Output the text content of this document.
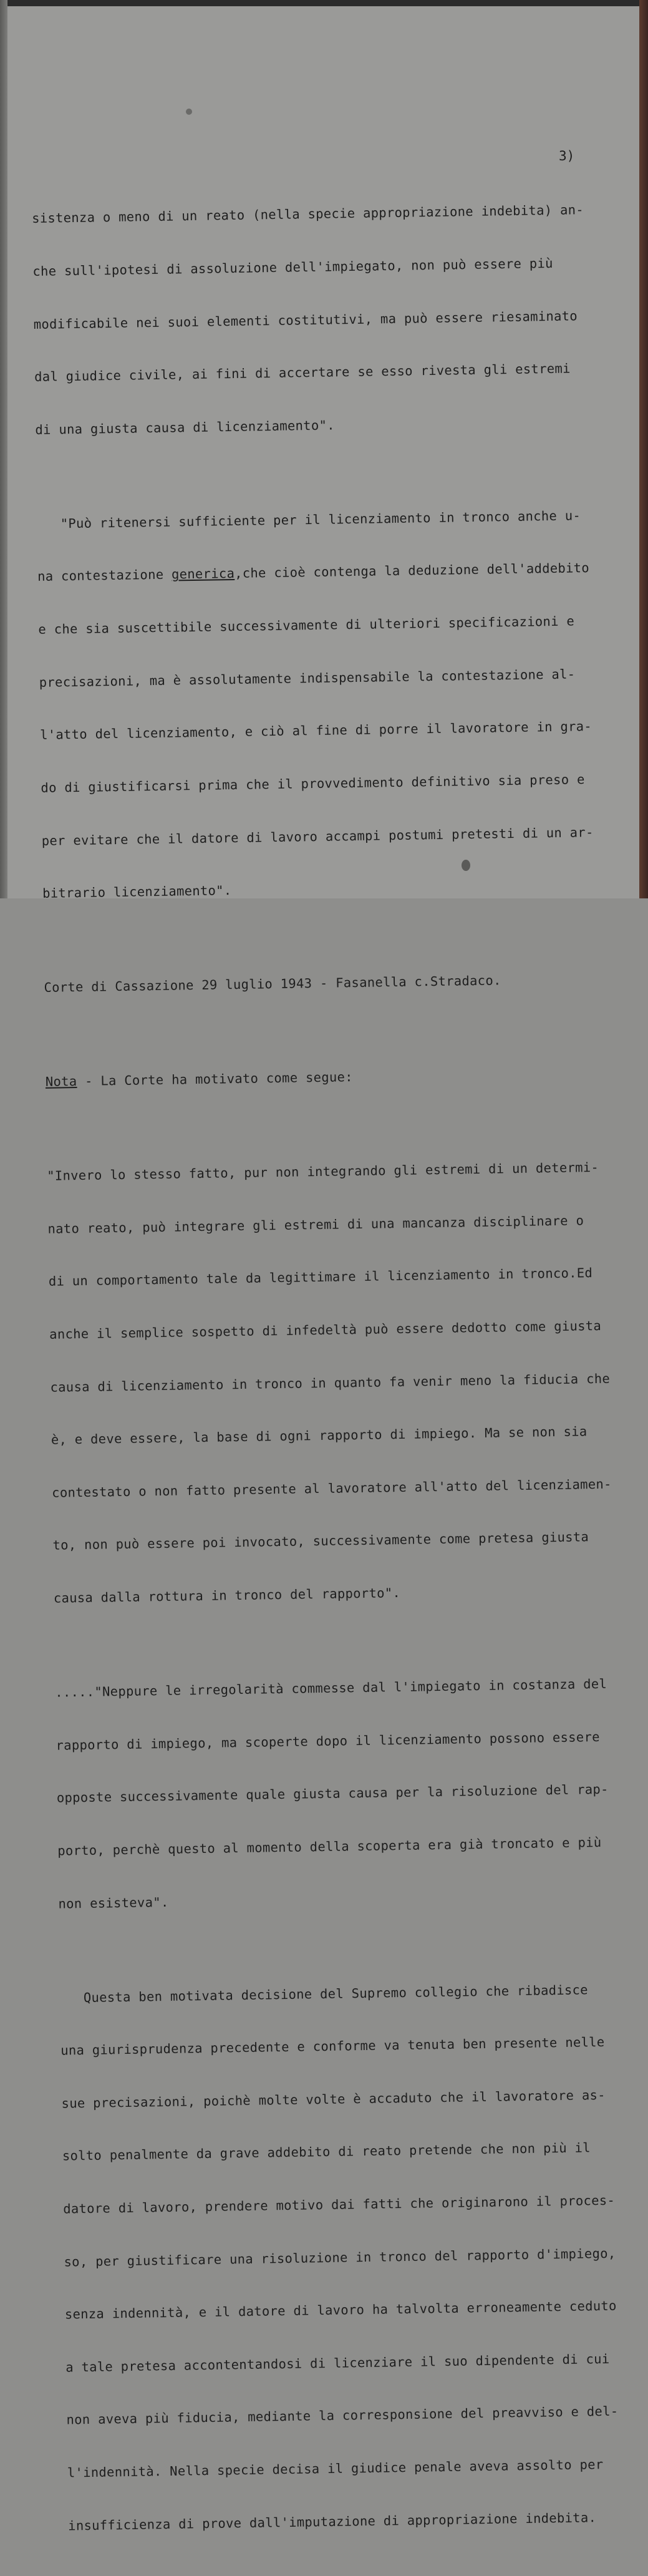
3)

sistenza o meno di un reato (nella specie appropriazione indebita) an-

che sull'ipotesi di assoluzione dell'impiegato, non può essere più

modificabile nei suoi elementi costitutivi, ma può essere riesaminato

dal giudice civile, ai fini di accertare se esso rivesta gli estremi

di una giusta causa di licenziamento".

"Può ritenersi sufficiente per il licenziamento in tronco anche u-

na contestazione generica,che cioè contenga la deduzione dell'addebito

e che sia suscettibile successivamente di ulteriori specificazioni e

precisazioni, ma è assolutamente indispensabile la contestazione al-

l'atto del licenziamento, e ciò al fine di porre il lavoratore in gra-

do di giustificarsi prima che il provvedimento definitivo sia preso e

per evitare che il datore di lavoro accampi postumi pretesti di un ar-

bitrario licenziamento".

Corte di Cassazione 29 luglio 1943 - Fasanella c.Stradaco.

Nota - La Corte ha motivato come segue:

"Invero lo stesso fatto, pur non integrando gli estremi di un determi-

nato reato, può integrare gli estremi di una mancanza disciplinare o

di un comportamento tale da legittimare il licenziamento in tronco.Ed

anche il semplice sospetto di infedeltà può essere dedotto come giusta

causa di licenziamento in tronco in quanto fa venir meno la fiducia che

è, e deve essere, la base di ogni rapporto di impiego. Ma se non sia

contestato o non fatto presente al lavoratore all'atto del licenziamen-

to, non può essere poi invocato, successivamente come pretesa giusta

causa dalla rottura in tronco del rapporto".

....."Neppure le irregolarità commesse dal l'impiegato in costanza del

rapporto di impiego, ma scoperte dopo il licenziamento possono essere

opposte successivamente quale giusta causa per la risoluzione del rap-

porto, perchè questo al momento della scoperta era già troncato e più

non esisteva".

Questa ben motivata decisione del Supremo collegio che ribadisce

una giurisprudenza precedente e conforme va tenuta ben presente nelle

sue precisazioni, poichè molte volte è accaduto che il lavoratore as-

solto penalmente da grave addebito di reato pretende che non più il

datore di lavoro, prendere motivo dai fatti che originarono il proces-

so, per giustificare una risoluzione in tronco del rapporto d'impiego,

senza indennità, e il datore di lavoro ha talvolta erroneamente ceduto

a tale pretesa accontentandosi di licenziare il suo dipendente di cui

non aveva più fiducia, mediante la corresponsione del preavviso e del-

l'indennità. Nella specie decisa il giudice penale aveva assolto per

insufficienza di prove dall'imputazione di appropriazione indebita.
